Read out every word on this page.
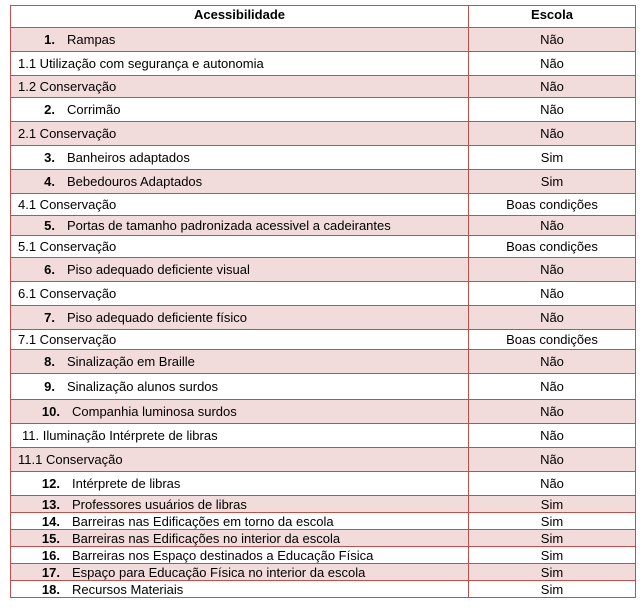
Acessibilidade	Escola
1. Rampas	Não
1.1 Utilização com segurança e autonomia	Não
1.2 Conservação	Não
2. Corrimão	Não
2.1 Conservação	Não
3. Banheiros adaptados	Sim
4. Bebedouros Adaptados	Sim
4.1 Conservação	Boas condições
5. Portas de tamanho padronizada acessivel a cadeirantes	Não
5.1 Conservação	Boas condições
6. Piso adequado deficiente visual	Não
6.1 Conservação	Não
7. Piso adequado deficiente físico	Não
7.1 Conservação	Boas condições
8. Sinalização em Braille	Não
9. Sinalização alunos surdos	Não
10. Companhia luminosa surdos	Não
11. Iluminação Intérprete de libras	Não
11.1 Conservação	Não
12. Intérprete de libras	Não
13. Professores usuários de libras	Sim
14. Barreiras nas Edificações em torno da escola	Sim
15. Barreiras nas Edificações no interior da escola	Sim
16. Barreiras nos Espaço destinados a Educação Física	Sim
17. Espaço para Educação Física no interior da escola	Sim
18. Recursos Materiais	Sim
